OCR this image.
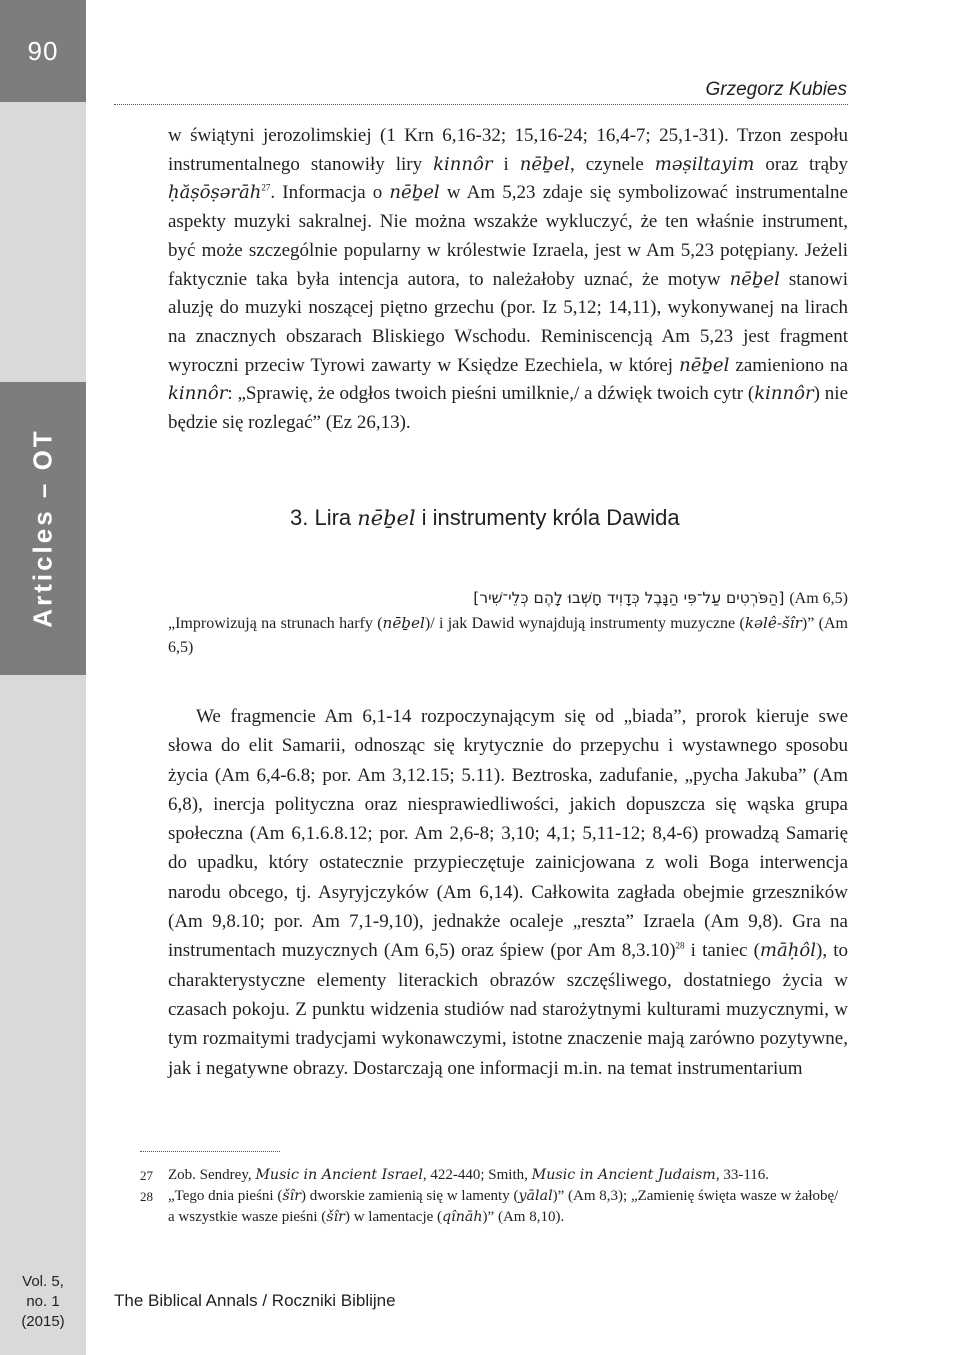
90
Articles – OT
Grzegorz Kubies

w świątyni jerozolimskiej (1 Krn 6,16-32; 15,16-24; 16,4-7; 25,1-31). Trzon zespołu instrumentalnego stanowiły liry kinnôr i nēḇel, czynele məṣiltayim oraz trąby ḥăṣōṣərāh$^{27}$. Informacja o nēḇel w Am 5,23 zdaje się symbolizować instrumentalne aspekty muzyki sakralnej. Nie można wszakże wykluczyć, że ten właśnie instrument, być może szczególnie popularny w królestwie Izraela, jest w Am 5,23 potępiany. Jeżeli faktycznie taka była intencja autora, to należałoby uznać, że motyw nēḇel stanowi aluzję do muzyki noszącej piętno grzechu (por. Iz 5,12; 14,11), wykonywanej na lirach na znacznych obszarach Bliskiego Wschodu. Reminiscencją Am 5,23 jest fragment wyroczni przeciw Tyrowi zawarty w Księdze Ezechiela, w której nēḇel zamieniono na kinnôr: „Sprawię, że odgłos twoich pieśni umilknie,/ a dźwięk twoich cytr (kinnôr) nie będzie się rozlegać” (Ez 26,13).

3. Lira nēḇel i instrumenty króla Dawida
[הַפֹּרְטִים עַל־פִּי הַנָּבֶל כְּדָוִיד חָשְׁבוּ לָהֶם כְּלֵי־שִׁיר] (Am 6,5)
„Improwizują na strunach harfy (nēḇel)/ i jak Dawid wynajdują instrumenty muzyczne (kəlê-šîr)” (Am 6,5)

We fragmencie Am 6,1-14 rozpoczynającym się od „biada”, prorok kieruje swe słowa do elit Samarii, odnosząc się krytycznie do przepychu i wystawnego sposobu życia (Am 6,4-6.8; por. Am 3,12.15; 5.11). Beztroska, zadufanie, „pycha Jakuba” (Am 6,8), inercja polityczna oraz niesprawiedliwości, jakich dopuszcza się wąska grupa społeczna (Am 6,1.6.8.12; por. Am 2,6-8; 3,10; 4,1; 5,11-12; 8,4-6) prowadzą Samarię do upadku, który ostatecznie przypieczętuje zainicjowana z woli Boga interwencja narodu obcego, tj. Asyryjczyków (Am 6,14). Całkowita zagłada obejmie grzeszników (Am 9,8.10; por. Am 7,1-9,10), jednakże ocaleje „reszta” Izraela (Am 9,8). Gra na instrumentach muzycznych (Am 6,5) oraz śpiew (por Am 8,3.10)$^{28}$ i taniec (māḥôl), to charakterystyczne elementy literackich obrazów szczęśliwego, dostatniego życia w czasach pokoju. Z punktu widzenia studiów nad starożytnymi kulturami muzycznymi, w tym rozmaitymi tradycjami wykonawczymi, istotne znaczenie mają zarówno pozytywne, jak i negatywne obrazy. Dostarczają one informacji m.in. na temat instrumentarium

27 Zob. Sendrey, Music in Ancient Israel, 422-440; Smith, Music in Ancient Judaism, 33-116.
28 „Tego dnia pieśni (šîr) dworskie zamienią się w lamenty (yālal)” (Am 8,3); „Zamienię święta wasze w żałobę/ a wszystkie wasze pieśni (šîr) w lamentacje (qînāh)” (Am 8,10).
Vol. 5,
no. 1
(2015)
The Biblical Annals / Roczniki Biblijne
